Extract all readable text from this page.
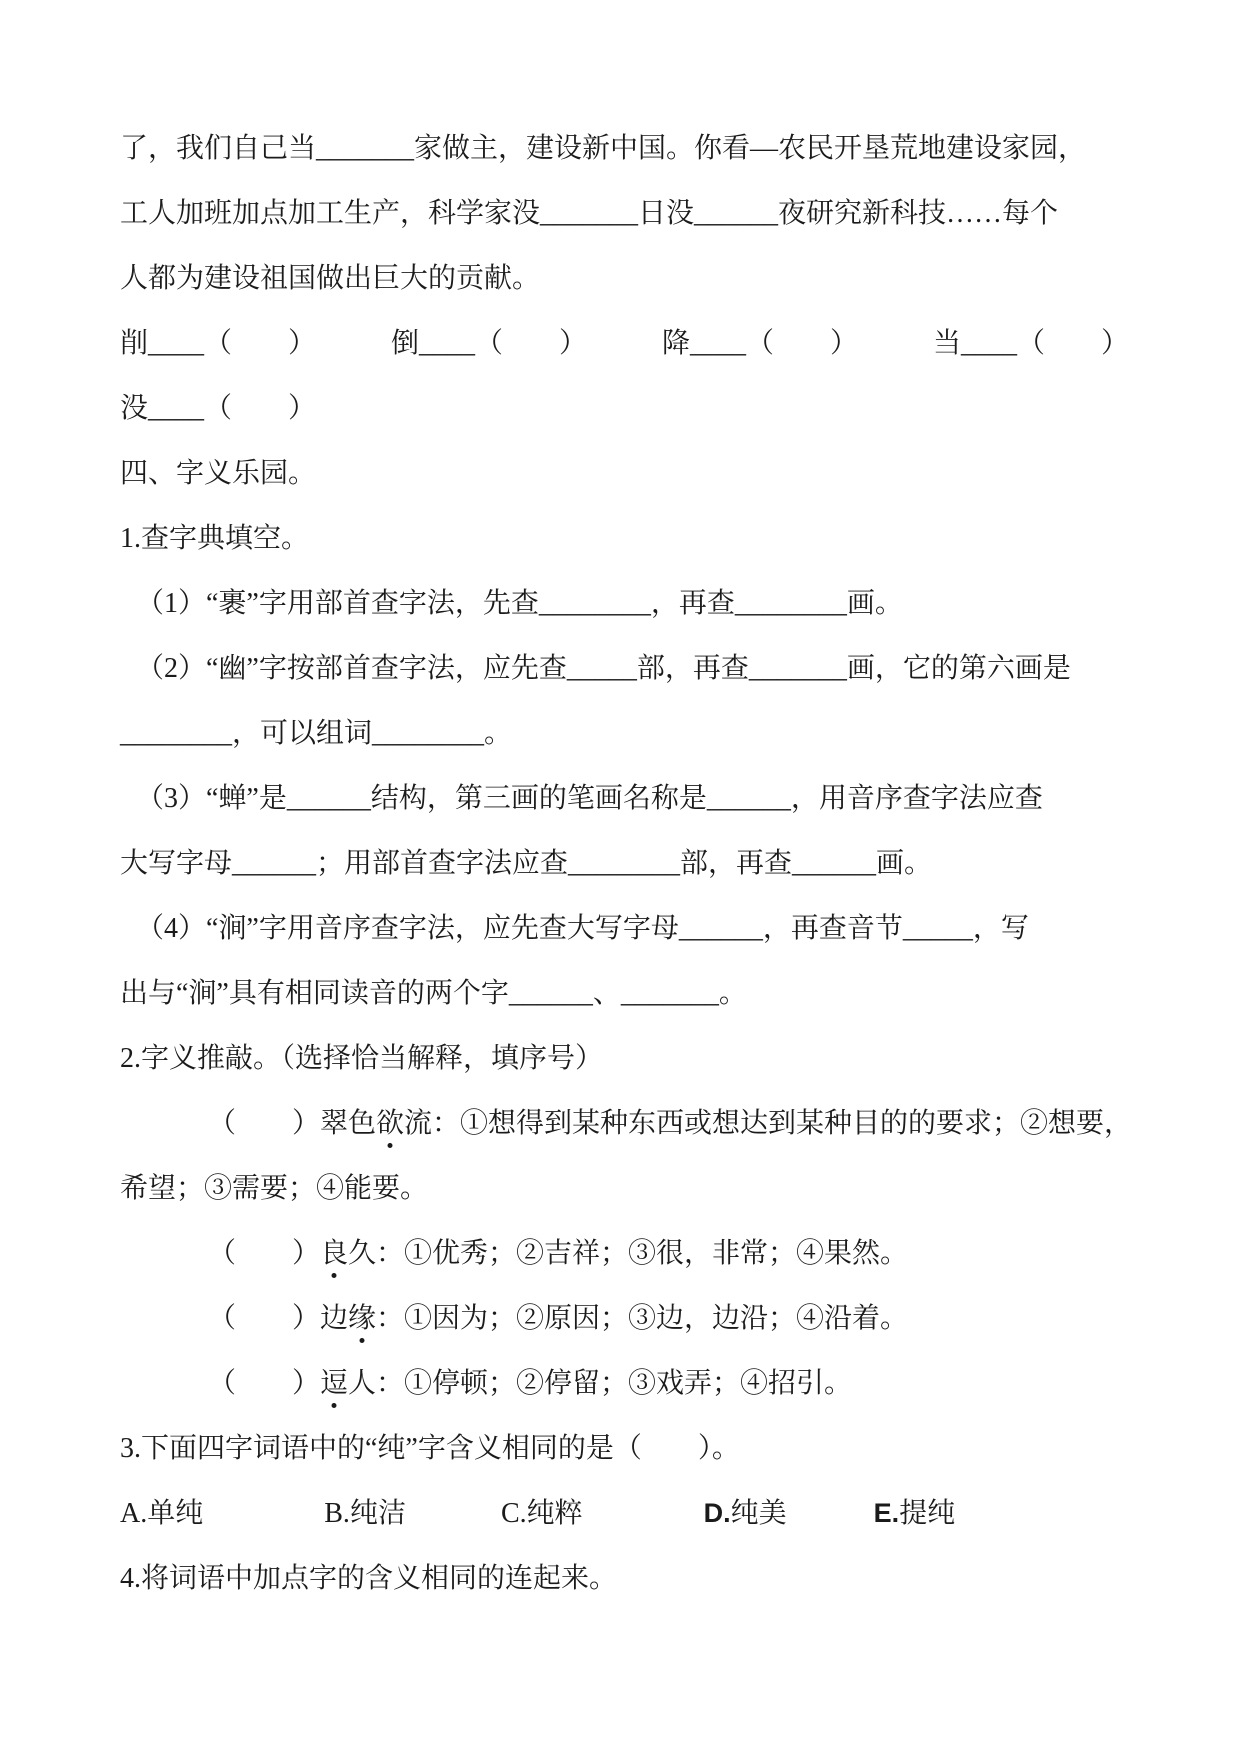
了，我们自己当_______家做主，建设新中国。你看—农民开垦荒地建设家园，

工人加班加点加工生产，科学家没_______日没______夜研究新科技……每个

人都为建设祖国做出巨大的贡献。

削____（　　）	倒____（　　）	降____（　　）	当____（　　）

没____（　　）

四、字义乐园。

1.查字典填空。

（1）“裹”字用部首查字法，先查________，再查________画。

（2）“幽”字按部首查字法，应先查_____部，再查_______画，它的第六画是

________，可以组词________。

（3）“蝉”是______结构，第三画的笔画名称是______，用音序查字法应查

大写字母______；用部首查字法应查________部，再查______画。

（4）“涧”字用音序查字法，应先查大写字母______，再查音节_____，写

出与“涧”具有相同读音的两个字______、_______。

2.字义推敲。（选择恰当解释，填序号）

（　　）翠色欲流：①想得到某种东西或想达到某种目的的要求；②想要，

希望；③需要；④能要。

（　　）良久：①优秀；②吉祥；③很，非常；④果然。

（　　）边缘：①因为；②原因；③边，边沿；④沿着。

（　　）逗人：①停顿；②停留；③戏弄；④招引。

3.下面四字词语中的“纯”字含义相同的是（　　）。

A.单纯	B.纯洁	C.纯粹	D.纯美	E.提纯

4.将词语中加点字的含义相同的连起来。
